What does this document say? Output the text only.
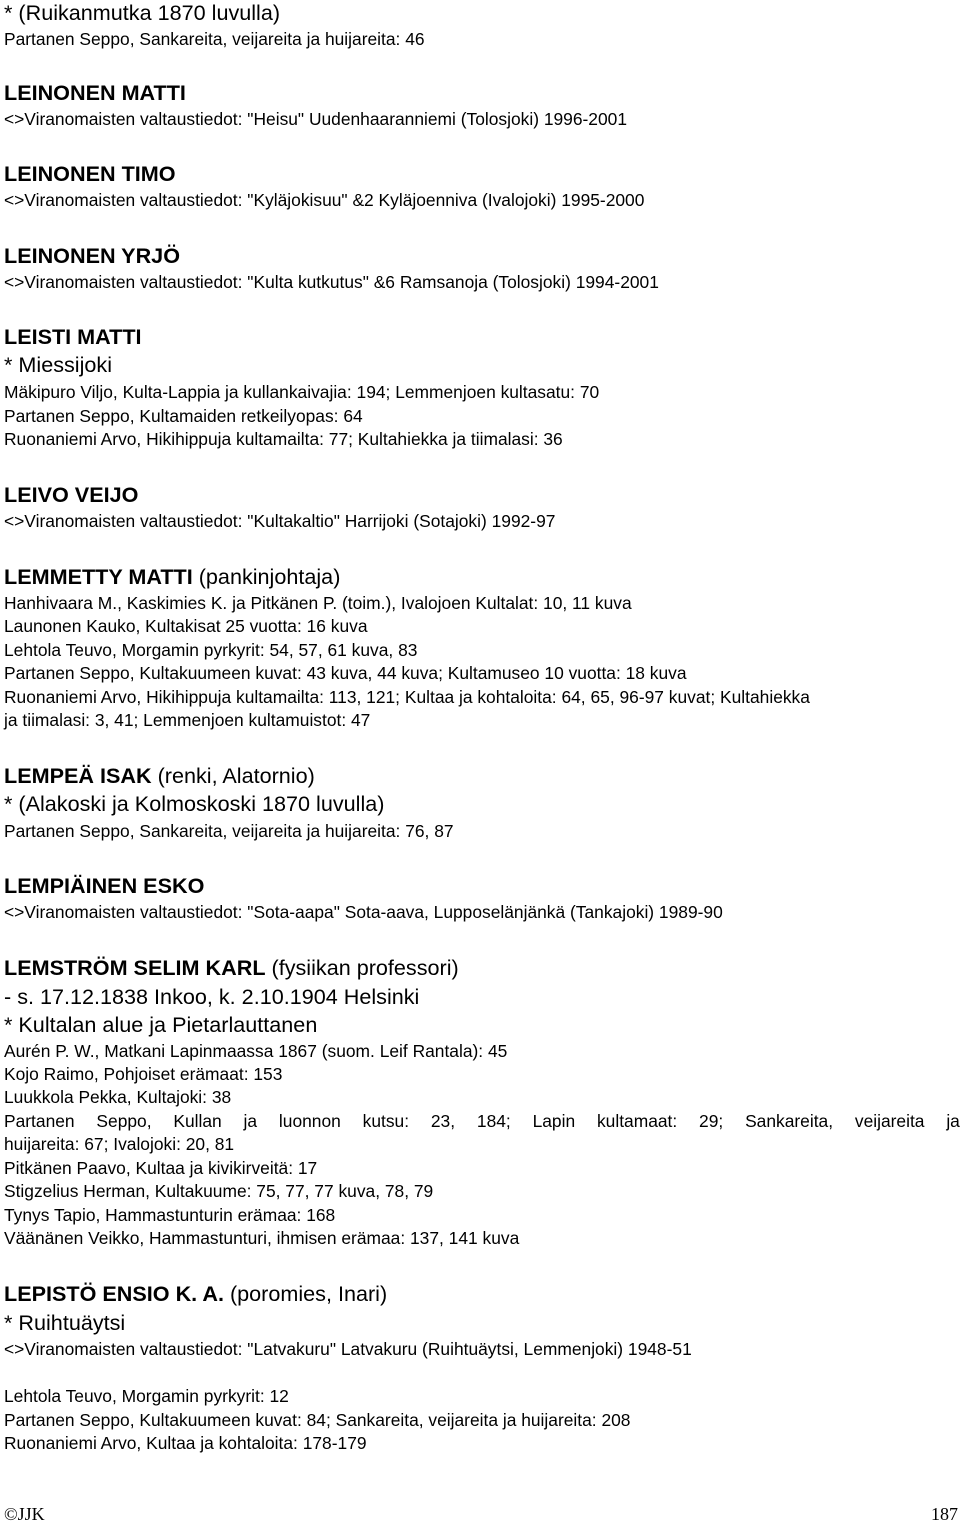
* (Ruikanmutka 1870 luvulla)
Partanen Seppo, Sankareita, veijareita ja huijareita: 46
LEINONEN MATTI
<>Viranomaisten valtaustiedot: "Heisu" Uudenhaaranniemi (Tolosjoki) 1996-2001
LEINONEN TIMO
<>Viranomaisten valtaustiedot: "Kyläjokisuu" &2 Kyläjoenniva (Ivalojoki) 1995-2000
LEINONEN YRJÖ
<>Viranomaisten valtaustiedot: "Kulta kutkutus" &6 Ramsanoja (Tolosjoki) 1994-2001
LEISTI MATTI
* Miessijoki
Mäkipuro Viljo, Kulta-Lappia ja kullankaivajia: 194; Lemmenjoen kultasatu: 70
Partanen Seppo, Kultamaiden retkeilyopas: 64
Ruonaniemi Arvo, Hikihippuja kultamailta: 77; Kultahiekka ja tiimalasi: 36
LEIVO VEIJO
<>Viranomaisten valtaustiedot: "Kultakaltio" Harrijoki (Sotajoki) 1992-97
LEMMETTY MATTI (pankinjohtaja)
Hanhivaara M., Kaskimies K. ja Pitkänen P. (toim.), Ivalojoen Kultalat: 10, 11 kuva
Launonen Kauko, Kultakisat 25 vuotta: 16 kuva
Lehtola Teuvo, Morgamin pyrkyrit: 54, 57, 61 kuva, 83
Partanen Seppo, Kultakuumeen kuvat: 43 kuva, 44 kuva; Kultamuseo 10 vuotta: 18 kuva
Ruonaniemi Arvo, Hikihippuja kultamailta: 113, 121; Kultaa ja kohtaloita: 64, 65, 96-97 kuvat; Kultahiekka
ja tiimalasi: 3, 41; Lemmenjoen kultamuistot: 47
LEMPEÄ ISAK (renki, Alatornio)
* (Alakoski ja Kolmoskoski 1870 luvulla)
Partanen Seppo, Sankareita, veijareita ja huijareita: 76, 87
LEMPIÄINEN ESKO
<>Viranomaisten valtaustiedot: "Sota-aapa" Sota-aava, Lupposelänjänkä (Tankajoki) 1989-90
LEMSTRÖM SELIM KARL (fysiikan professori)
- s. 17.12.1838 Inkoo, k. 2.10.1904 Helsinki
* Kultalan alue ja Pietarlauttanen
Aurén P. W., Matkani Lapinmaassa 1867 (suom. Leif Rantala): 45
Kojo Raimo, Pohjoiset erämaat: 153
Luukkola Pekka, Kultajoki: 38
Partanen Seppo, Kullan ja luonnon kutsu: 23, 184; Lapin kultamaat: 29; Sankareita, veijareita ja
huijareita: 67; Ivalojoki: 20, 81
Pitkänen Paavo, Kultaa ja kivikirveitä: 17
Stigzelius Herman, Kultakuume: 75, 77, 77 kuva, 78, 79
Tynys Tapio, Hammastunturin erämaa: 168
Väänänen Veikko, Hammastunturi, ihmisen erämaa: 137, 141 kuva
LEPISTÖ ENSIO K. A. (poromies, Inari)
* Ruihtuäytsi
<>Viranomaisten valtaustiedot: "Latvakuru" Latvakuru (Ruihtuäytsi, Lemmenjoki) 1948-51
Lehtola Teuvo, Morgamin pyrkyrit: 12
Partanen Seppo, Kultakuumeen kuvat: 84; Sankareita, veijareita ja huijareita: 208
Ruonaniemi Arvo, Kultaa ja kohtaloita: 178-179
©JJK	187
